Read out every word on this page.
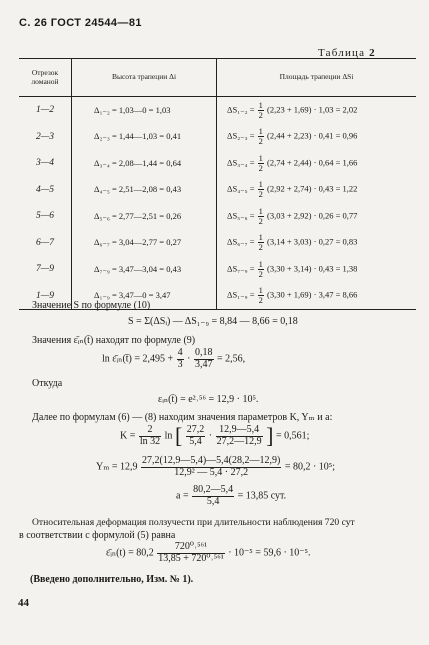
С. 26 ГОСТ 24544—81
Таблица 2
Отрезок ломаной	Высота трапеции Δi	Площадь трапеции ΔSi
1—2	Δ₁₋₂ = 1,03—0 = 1,03	$\Delta S_{1-2} = \frac{1}{2} (2,23 + 1,69) \cdot 1,03 = 2,02$
2—3	Δ₂₋₃ = 1,44—1,03 = 0,41	$\Delta S_{2-3} = \frac{1}{2} (2,44 + 2,23) \cdot 0,41 = 0,96$
3—4	Δ₃₋₄ = 2,08—1,44 = 0,64	$\Delta S_{3-4} = \frac{1}{2} (2,74 + 2,44) \cdot 0,64 = 1,66$
4—5	Δ₄₋₅ = 2,51—2,08 = 0,43	$\Delta S_{4-5} = \frac{1}{2} (2,92 + 2,74) \cdot 0,43 = 1,22$
5—6	Δ₅₋₆ = 2,77—2,51 = 0,26	$\Delta S_{5-6} = \frac{1}{2} (3,03 + 2,92) \cdot 0,26 = 0,77$
6—7	Δ₆₋₇ = 3,04—2,77 = 0,27	$\Delta S_{6-7} = \frac{1}{2} (3,14 + 3,03) \cdot 0,27 = 0,83$
7—9	Δ₇₋₉ = 3,47—3,04 = 0,43	$\Delta S_{7-9} = \frac{1}{2} (3,30 + 3,14) \cdot 0,43 = 1,38$
1—9	Δ₁₋₉ = 3,47—0 = 3,47	$\Delta S_{1-9} = \frac{1}{2} (3,30 + 1,69) \cdot 3,47 = 8,66$
Значение S по формуле (10)
S = Σ(ΔSᵢ) — ΔS₁₋₉ = 8,84 — 8,66 = 0,18
Значения ε̄ᵢₙ(t̄) находят по формуле (9)
ln ε̄ᵢₙ(t̄) = $2,495 + \frac{4}{3} \cdot \frac{0,18}{3,47} = 2,56$,
Откуда
εᵢₙ(t̄) = e²˒⁵⁶ = 12,9 · 10⁵.
Далее по формулам (6) — (8) находим значения параметров K, Yₘ и a:
$K = \frac{2}{\ln 32}$ ln [ $\frac{27,2}{5,4} \cdot \frac{12,9—5,4}{27,2—12,9}$ ] = 0,561;
$Y_m = 12,9 \frac{27,2(12,9—5,4)—5,4(28,2—12,9)}{\text{12,9² — 5,4 · 27,2}} = 80,2 \cdot 10^5$;
$a = \frac{80,2—5,4}{5,4} = 13,85$ сут.
Относительная деформация ползучести при длительности наблюдения 720 сут
в соответствии с формулой (5) равна
ε̄ᵢₙ(t) = $80,2 \frac{\text{720⁰˒⁵⁶¹}}{\text{13,85 + 720⁰˒⁵⁶¹}} \cdot 10^{-5} = 59,6 \cdot 10^{-5}$.
(Введено дополнительно, Изм. № 1).
44
